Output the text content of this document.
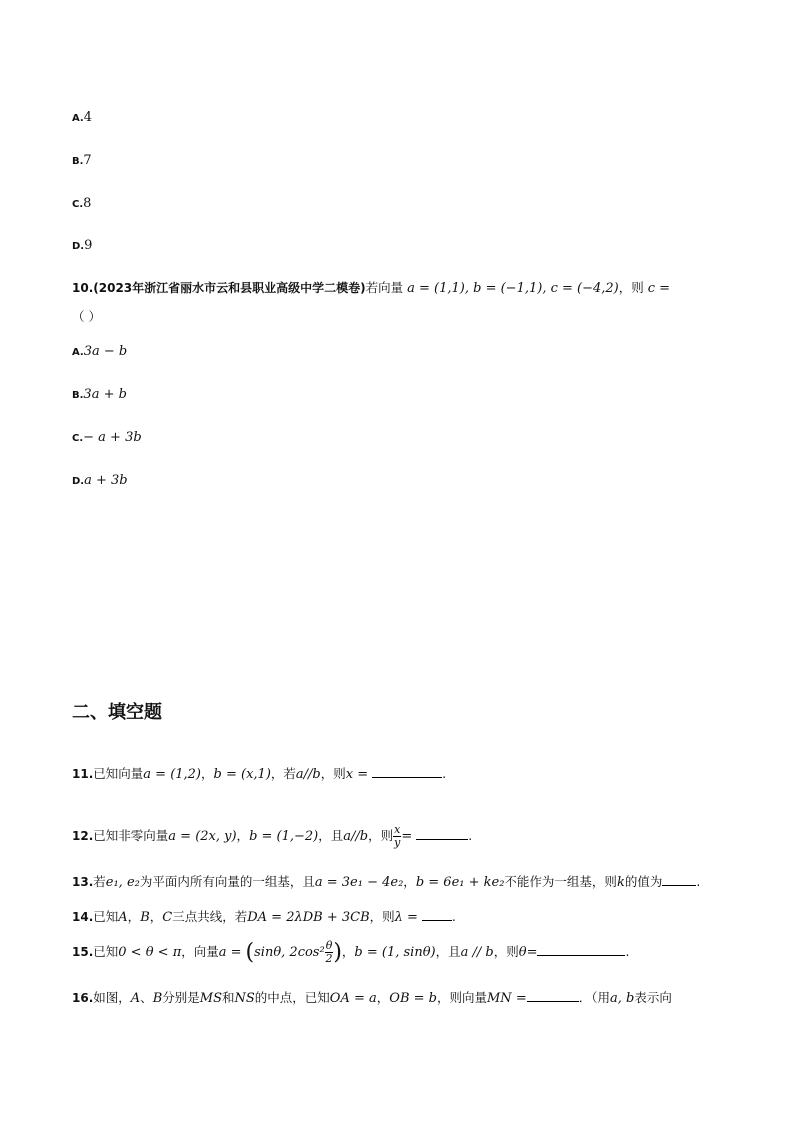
A.4
B.7
C.8
D.9
10.(2023年浙江省丽水市云和县职业高级中学二模卷)若向量 a = (1,1), b = (−1,1), c = (−4,2)，则 c =
（ ）
A.3a − b
B.3a + b
C.− a + 3b
D.a + 3b
二、填空题
11.已知向量a = (1,2)，b = (x,1)，若a//b，则x =	.
12.已知非零向量a = (2x, y)，b = (1,−2)，且a//b，则 $\frac{x}{y}$ =	.
13.若e₁, e₂为平面内所有向量的一组基，且a = 3e₁ − 4e₂，b = 6e₁ + ke₂不能作为一组基，则k的值为	.
14.已知A，B，C三点共线，若DA = 2λDB + 3CB，则λ =	.
15.已知0 < θ < π，向量a = (sinθ, $2\cos^2 \frac{\theta}{2}$ )，b = (1, sinθ)，且a // b，则θ=	.
16.如图，A、B分别是MS和NS的中点，已知OA = a，OB = b，则向量MN =	．（用a, b表示向
